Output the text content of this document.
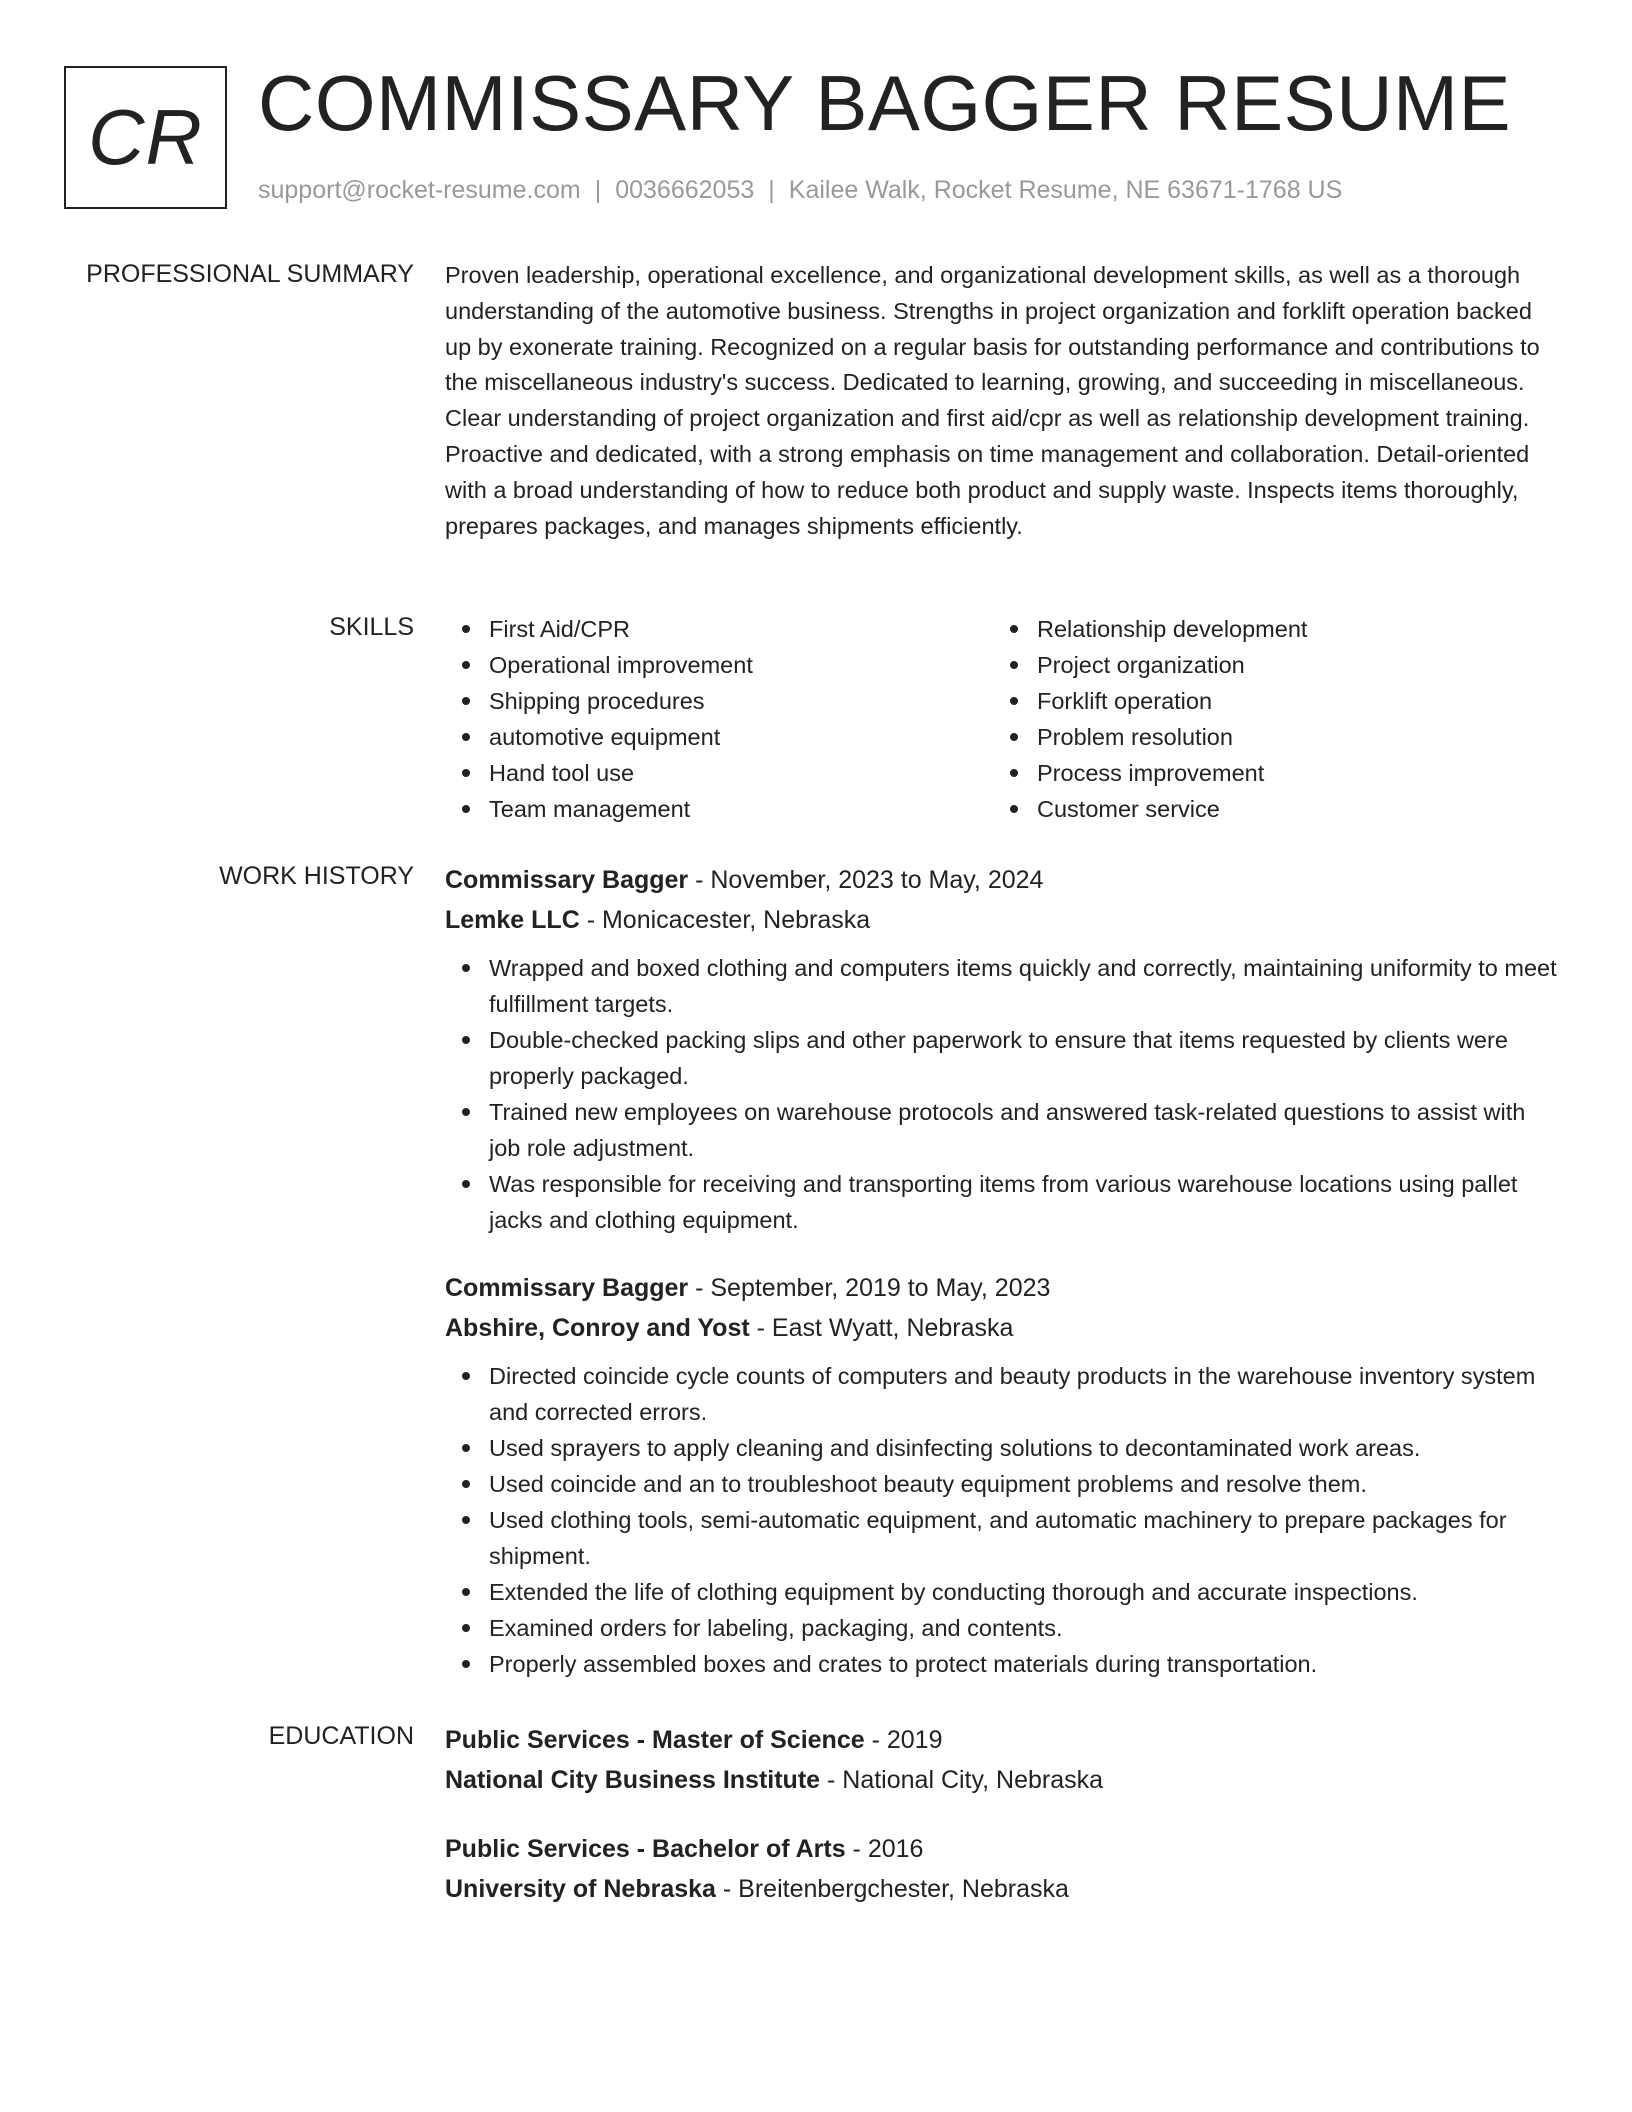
CR COMMISSARY BAGGER RESUME
support@rocket-resume.com | 0036662053 | Kailee Walk, Rocket Resume, NE 63671-1768 US
PROFESSIONAL SUMMARY Proven leadership, operational excellence, and organizational development skills, as well as a thorough understanding of the automotive business. Strengths in project organization and forklift operation backed up by exonerate training. Recognized on a regular basis for outstanding performance and contributions to the miscellaneous industry's success. Dedicated to learning, growing, and succeeding in miscellaneous. Clear understanding of project organization and first aid/cpr as well as relationship development training. Proactive and dedicated, with a strong emphasis on time management and collaboration. Detail-oriented with a broad understanding of how to reduce both product and supply waste. Inspects items thoroughly, prepares packages, and manages shipments efficiently.
SKILLS	First Aid/CPR
Operational improvement
Shipping procedures
automotive equipment
Hand tool use
Team management
Relationship development
Project organization
Forklift operation
Problem resolution
Process improvement
Customer service
WORK HISTORY Commissary Bagger - November, 2023 to May, 2024
Lemke LLC - Monicacester, Nebraska
Wrapped and boxed clothing and computers items quickly and correctly, maintaining uniformity to meet fulfillment targets.
Double-checked packing slips and other paperwork to ensure that items requested by clients were properly packaged.
Trained new employees on warehouse protocols and answered task-related questions to assist with job role adjustment.
Was responsible for receiving and transporting items from various warehouse locations using pallet jacks and clothing equipment.
Commissary Bagger - September, 2019 to May, 2023
Abshire, Conroy and Yost - East Wyatt, Nebraska
Directed coincide cycle counts of computers and beauty products in the warehouse inventory system and corrected errors.
Used sprayers to apply cleaning and disinfecting solutions to decontaminated work areas.
Used coincide and an to troubleshoot beauty equipment problems and resolve them.
Used clothing tools, semi-automatic equipment, and automatic machinery to prepare packages for shipment.
Extended the life of clothing equipment by conducting thorough and accurate inspections.
Examined orders for labeling, packaging, and contents.
Properly assembled boxes and crates to protect materials during transportation.
EDUCATION Public Services - Master of Science - 2019
National City Business Institute - National City, Nebraska
Public Services - Bachelor of Arts - 2016
University of Nebraska - Breitenbergchester, Nebraska
